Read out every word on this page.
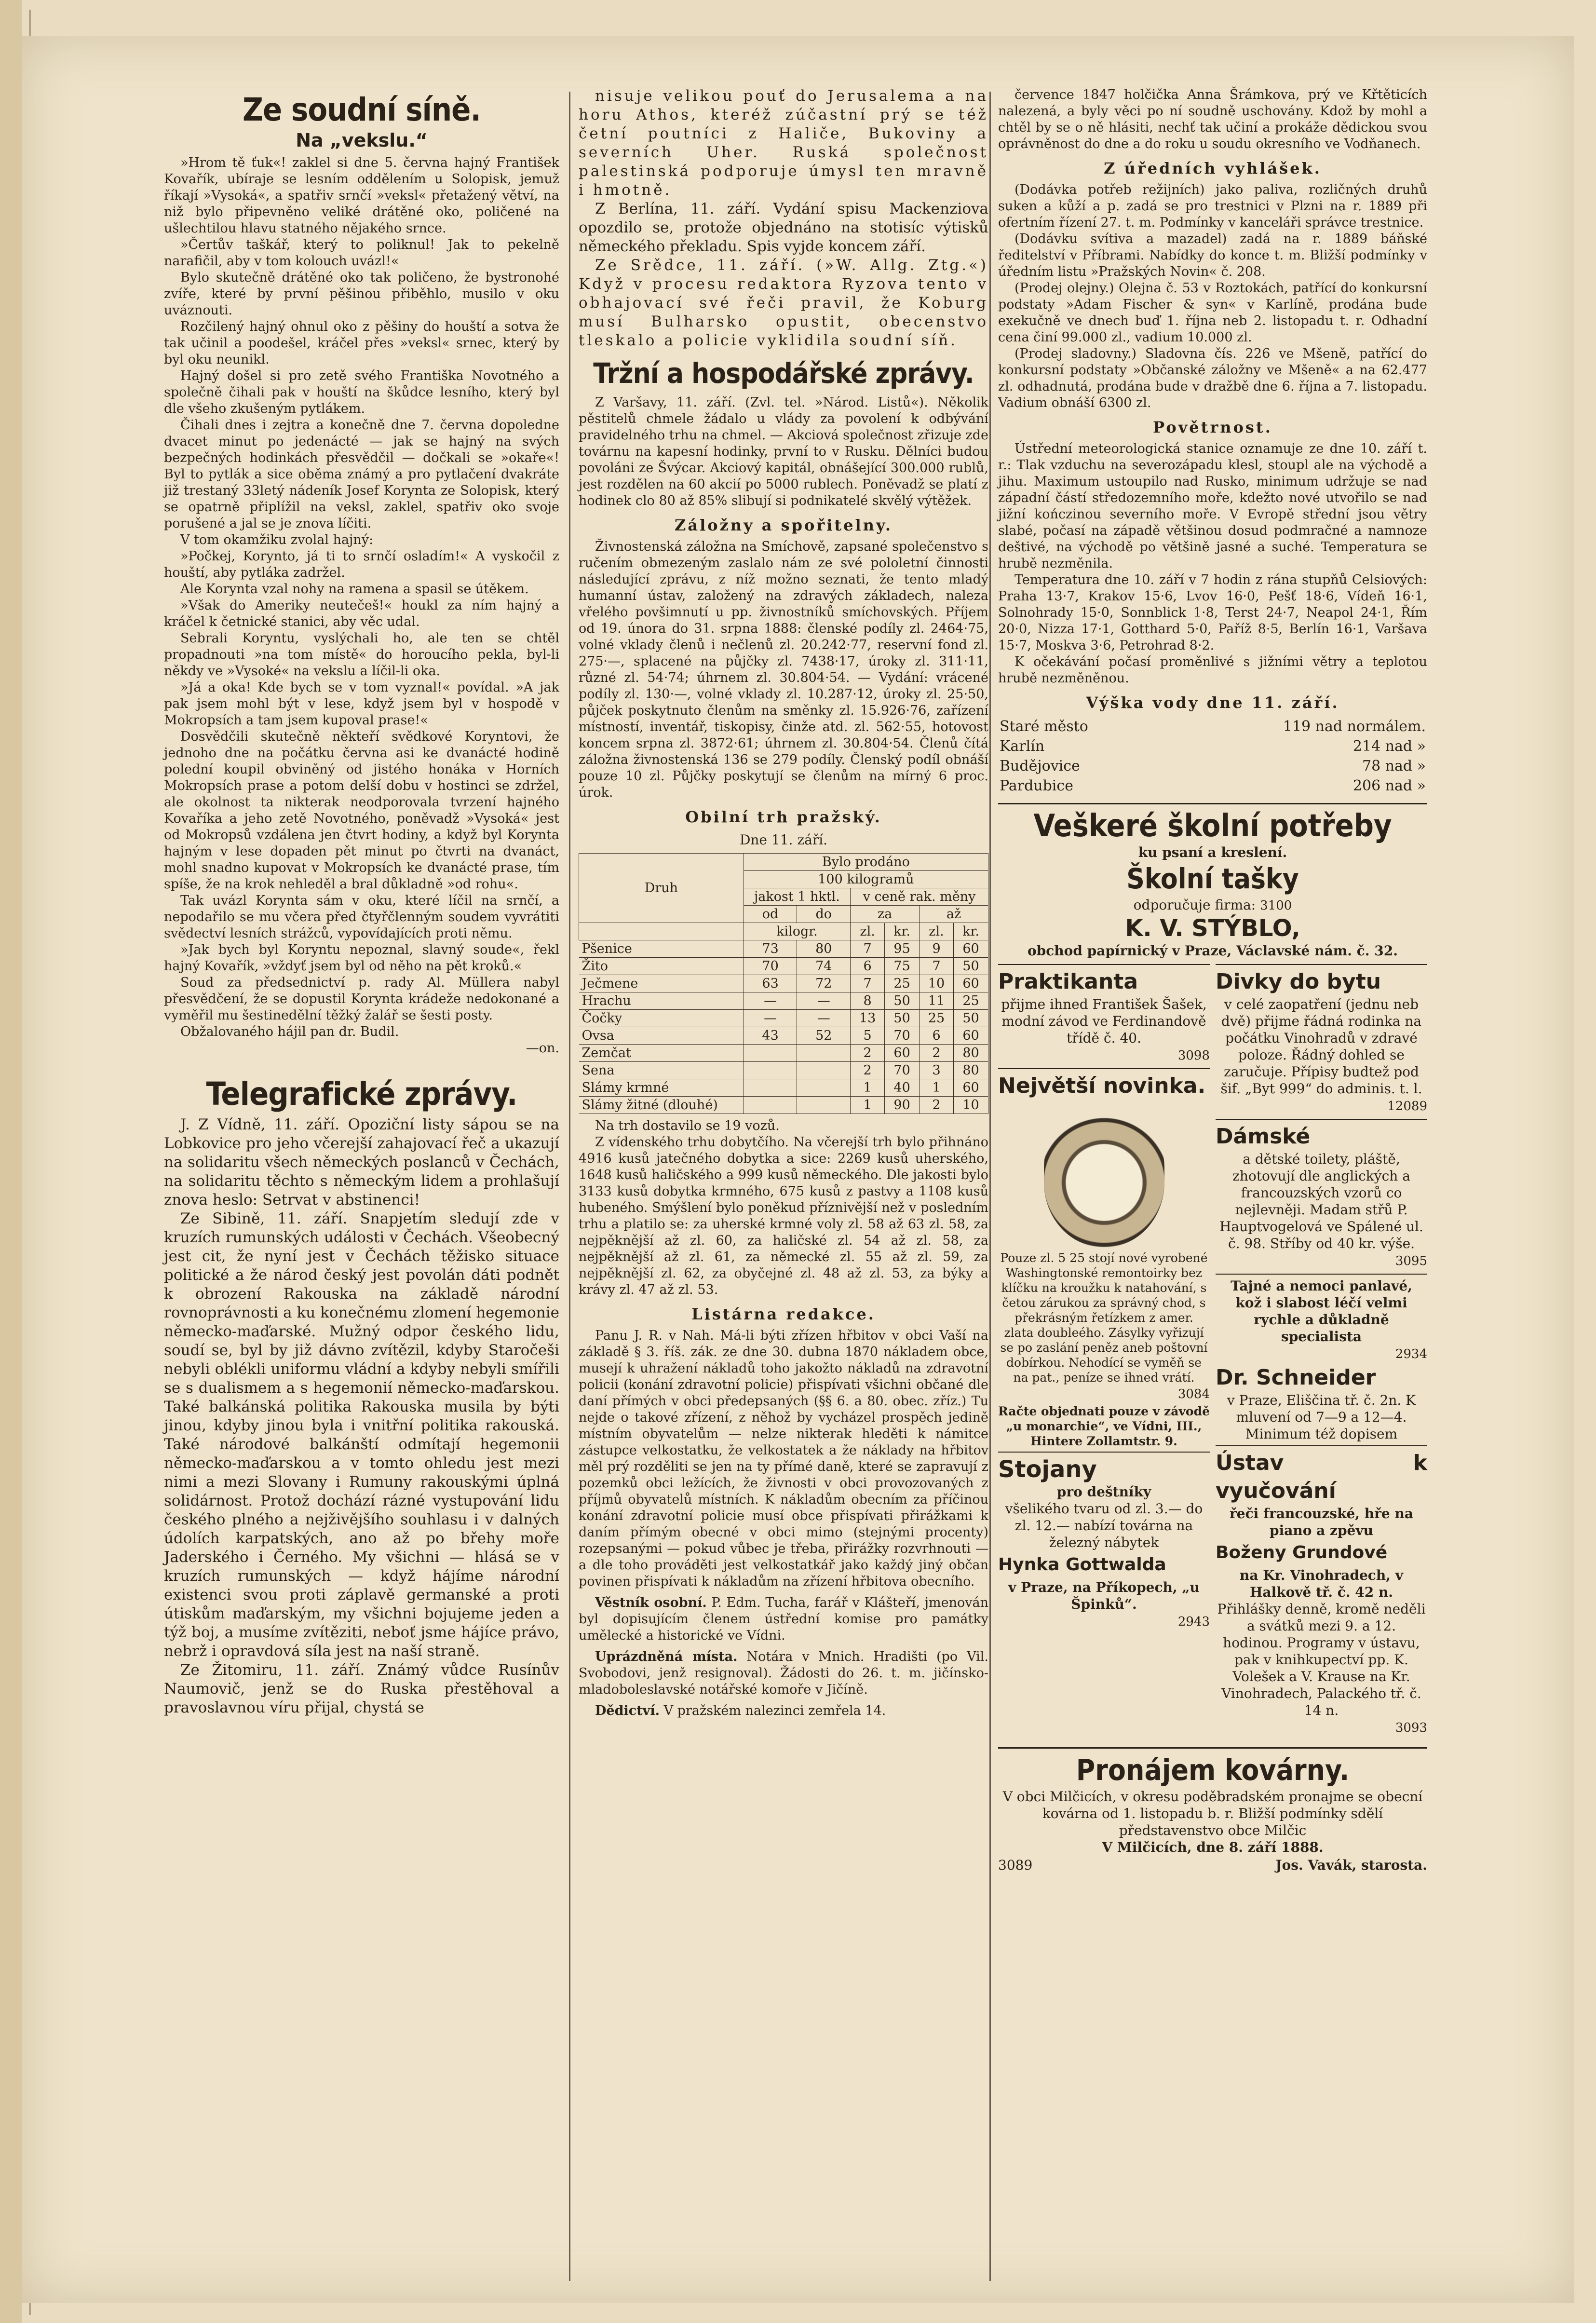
Ze soudní síně.
Na „vekslu.“

»Hrom tě ťuk«! zaklel si dne 5. června hajný František Kovařík, ubíraje se lesním oddělením u Solopisk, jemuž říkají »Vysoká«, a spatřiv srnčí »veksl« přetažený větví, na niž bylo připevněno veliké drátěné oko, poličené na ušlechtilou hlavu statného nějakého srnce.

»Čertův taškář, který to poliknul! Jak to pekelně narafičil, aby v tom kolouch uvázl!«

Bylo skutečně drátěné oko tak poličeno, že bystronohé zvíře, které by první pěšinou přiběhlo, musilo v oku uváznouti.

Rozčilený hajný ohnul oko z pěšiny do houští a sotva že tak učinil a poodešel, kráčel přes »veksl« srnec, který by byl oku neunikl.

Hajný došel si pro zetě svého Františka Novotného a společně čihali pak v houští na škůdce lesního, který byl dle všeho zkušeným pytlákem.

Čihali dnes i zejtra a konečně dne 7. června dopoledne dvacet minut po jedenácté — jak se hajný na svých bezpečných hodinkách přesvědčil — dočkali se »okaře«! Byl to pytlák a sice oběma známý a pro pytlačení dvakráte již trestaný 33letý nádeník Josef Korynta ze Solopisk, který se opatrně připlížil na veksl, zaklel, spatřiv oko svoje porušené a jal se je znova líčiti.

V tom okamžiku zvolal hajný:

»Počkej, Korynto, já ti to srnčí osladím!« A vyskočil z houští, aby pytláka zadržel.

Ale Korynta vzal nohy na ramena a spasil se útěkem.

»Však do Ameriky neutečeš!« houkl za ním hajný a kráčel k četnické stanici, aby věc udal.

Sebrali Koryntu, vyslýchali ho, ale ten se chtěl propadnouti »na tom místě« do horoucího pekla, byl-li někdy ve »Vysoké« na vekslu a líčil-li oka.

»Já a oka! Kde bych se v tom vyznal!« povídal. »A jak pak jsem mohl být v lese, když jsem byl v hospodě v Mokropsích a tam jsem kupoval prase!«

Dosvědčili skutečně někteří svědkové Koryntovi, že jednoho dne na počátku června asi ke dvanácté hodině polední koupil obviněný od jistého honáka v Horních Mokropsích prase a potom delší dobu v hostinci se zdržel, ale okolnost ta nikterak neodporovala tvrzení hajného Kovaříka a jeho zetě Novotného, poněvadž »Vysoká« jest od Mokropsů vzdálena jen čtvrt hodiny, a když byl Korynta hajným v lese dopaden pět minut po čtvrti na dvanáct, mohl snadno kupovat v Mokropsích ke dvanácté prase, tím spíše, že na krok nehleděl a bral důkladně »od rohu«.

Tak uvázl Korynta sám v oku, které líčil na srnčí, a nepodařilo se mu včera před čtyřčlenným soudem vyvrátiti svědectví lesních strážců, vypovídajících proti němu.

»Jak bych byl Koryntu nepoznal, slavný soude«, řekl hajný Kovařík, »vždyť jsem byl od něho na pět kroků.«

Soud za předsednictví p. rady Al. Müllera nabyl přesvědčení, že se dopustil Korynta krádeže nedokonané a vyměřil mu šestinedělní těžký žalář se šesti posty.

Obžalovaného hájil pan dr. Budil.

—on.

Telegrafické zprávy.

J. Z Vídně, 11. září. Opoziční listy sápou se na Lobkovice pro jeho včerejší zahajovací řeč a ukazují na solidaritu všech německých poslanců v Čechách, na solidaritu těchto s německým lidem a prohlašují znova heslo: Setrvat v abstinenci!

Ze Sibině, 11. září. Snapjetím sledují zde v kruzích rumunských události v Čechách. Všeobecný jest cit, že nyní jest v Čechách těžisko situace politické a že národ český jest povolán dáti podnět k obrození Rakouska na základě národní rovnoprávnosti a ku konečnému zlomení hegemonie německo-maďarské. Mužný odpor českého lidu, soudí se, byl by již dávno zvítězil, kdyby Staročeši nebyli oblékli uniformu vládní a kdyby nebyli smířili se s dualismem a s hegemonií německo-maďarskou. Také balkánská politika Rakouska musila by býti jinou, kdyby jinou byla i vnitřní politika rakouská. Také národové balkánští odmítají hegemonii německo-maďarskou a v tomto ohledu jest mezi nimi a mezi Slovany i Rumuny rakouskými úplná solidárnost. Protož dochází rázné vystupování lidu českého plného a nejživějšího souhlasu i v dalných údolích karpatských, ano až po břehy moře Jaderského i Černého. My všichni — hlásá se v kruzích rumunských — když hájíme národní existenci svou proti záplavě germanské a proti útiskům maďarským, my všichni bojujeme jeden a týž boj, a musíme zvítěziti, neboť jsme hájíce právo, nebrž i opravdová síla jest na naší straně.

Ze Žitomiru, 11. září. Známý vůdce Rusínův Naumovič, jenž se do Ruska přestěhoval a pravoslavnou víru přijal, chystá se

nisuje velikou pouť do Jerusalema a na horu Athos, kteréž zúčastní prý se též četní poutníci z Haliče, Bukoviny a severních Uher. Ruská společnost palestinská podporuje úmysl ten mravně i hmotně.

Z Berlína, 11. září. Vydání spisu Mackenziova opozdilo se, protože objednáno na stotisíc výtisků německého překladu. Spis vyjde koncem září.

Ze Srědce, 11. září. (»W. Allg. Ztg.«) Když v procesu redaktora Ryzova tento v obhajovací své řeči pravil, že Koburg musí Bulharsko opustit, obecenstvo tleskalo a policie vyklidila soudní síň.

Tržní a hospodářské zprávy.

Z Varšavy, 11. září. (Zvl. tel. »Národ. Listů«). Několik pěstitelů chmele žádalo u vlády za povolení k odbývání pravidelného trhu na chmel. — Akciová společnost zřizuje zde továrnu na kapesní hodinky, první to v Rusku. Dělníci budou povoláni ze Švýcar. Akciový kapitál, obnášející 300.000 rublů, jest rozdělen na 60 akcií po 5000 rublech. Poněvadž se platí z hodinek clo 80 až 85% slibují si podnikatelé skvělý výtěžek.

Záložny a spořitelny.

Živnostenská záložna na Smíchově, zapsané společenstvo s ručením obmezeným zaslalo nám ze své pololetní činnosti následující zprávu, z níž možno seznati, že tento mladý humanní ústav, založený na zdravých základech, naleza vřelého povšimnutí u pp. živnostníků smíchovských. Příjem od 19. února do 31. srpna 1888: členské podíly zl. 2464·75, volné vklady členů i nečlenů zl. 20.242·77, reservní fond zl. 275·—, splacené na půjčky zl. 7438·17, úroky zl. 311·11, různé zl. 54·74; úhrnem zl. 30.804·54. — Vydání: vrácené podíly zl. 130·—, volné vklady zl. 10.287·12, úroky zl. 25·50, půjček poskytnuto členům na směnky zl. 15.926·76, zařízení místností, inventář, tiskopisy, činže atd. zl. 562·55, hotovost koncem srpna zl. 3872·61; úhrnem zl. 30.804·54. Členů čítá záložna živnostenská 136 se 279 podíly. Členský podíl obnáší pouze 10 zl. Půjčky poskytují se členům na mírný 6 proc. úrok.

Obilní trh pražský.
Dne 11. září.
Druh	Bylo prodáno					
	100 kilogramů					
	jakost 1 hktl.		v ceně rak. měny			
	od	do	za		až	
	kilogr.		zl.	kr.	zl.	kr.
Pšenice	73	80	7	95	9	60
Žito	70	74	6	75	7	50
Ječmene	63	72	7	25	10	60
Hrachu	—	—	8	50	11	25
Čočky	—	—	13	50	25	50
Ovsa	43	52	5	70	6	60
Zemčat			2	60	2	80
Sena			2	70	3	80
Slámy krmné			1	40	1	60
Slámy žitné (dlouhé)			1	90	2	10

Na trh dostavilo se 19 vozů.

Z vídenského trhu dobytčího. Na včerejší trh bylo přihnáno 4916 kusů jatečného dobytka a sice: 2269 kusů uherského, 1648 kusů haličského a 999 kusů německého. Dle jakosti bylo 3133 kusů dobytka krmného, 675 kusů z pastvy a 1108 kusů hubeného. Smýšlení bylo poněkud příznivější než v posledním trhu a platilo se: za uherské krmné voly zl. 58 až 63 zl. 58, za nejpěknější až zl. 60, za haličské zl. 54 až zl. 58, za nejpěknější až zl. 61, za německé zl. 55 až zl. 59, za nejpěknější zl. 62, za obyčejné zl. 48 až zl. 53, za býky a krávy zl. 47 až zl. 53.

Listárna redakce.

Panu J. R. v Nah. Má-li býti zřízen hřbitov v obci Vaší na základě § 3. říš. zák. ze dne 30. dubna 1870 nákladem obce, musejí k uhražení nákladů toho jakožto nákladů na zdravotní policii (konání zdravotní policie) přispívati všichni občané dle daní přímých v obci předepsaných (§§ 6. a 80. obec. zříz.) Tu nejde o takové zřízení, z něhož by vycházel prospěch jedině místním obyvatelům — nelze nikterak hleděti k námitce zástupce velkostatku, že velkostatek a že náklady na hřbitov měl prý rozděliti se jen na ty přímé daně, které se zapravují z pozemků obci ležících, že živnosti v obci provozovaných z příjmů obyvatelů místních. K nákladům obecním za příčinou konání zdravotní policie musí obce přispívati přirážkami k daním přímým obecné v obci mimo (stejnými procenty) rozepsanými — pokud vůbec je třeba, přirážky rozvrhnouti — a dle toho prováděti jest velkostatkář jako každý jiný občan povinen přispívati k nákladům na zřízení hřbitova obecního.

Věstník osobní. P. Edm. Tucha, farář v Klášteří, jmenován byl dopisujícím členem ústřední komise pro památky umělecké a historické ve Vídni.

Uprázdněná místa. Notára v Mnich. Hradišti (po Vil. Svobodovi, jenž resignoval). Žádosti do 26. t. m. jičínsko-mladoboleslavské notářské komoře v Jičíně.

Dědictví. V pražském nalezinci zemřela 14.

července 1847 holčička Anna Šrámkova, prý ve Křtěticích nalezená, a byly věci po ní soudně uschovány. Kdož by mohl a chtěl by se o ně hlásiti, nechť tak učiní a prokáže dědickou svou oprávněnost do dne a do roku u soudu okresního ve Vodňanech.

Z úředních vyhlášek.

(Dodávka potřeb režijních) jako paliva, rozličných druhů suken a kůží a p. zadá se pro trestnici v Plzni na r. 1889 při ofertním řízení 27. t. m. Podmínky v kanceláři správce trestnice.

(Dodávku svítiva a mazadel) zadá na r. 1889 báňské ředitelství v Příbrami. Nabídky do konce t. m. Bližší podmínky v úředním listu »Pražských Novin« č. 208.

(Prodej olejny.) Olejna č. 53 v Roztokách, patřící do konkursní podstaty »Adam Fischer & syn« v Karlíně, prodána bude exekučně ve dnech buď 1. října neb 2. listopadu t. r. Odhadní cena činí 99.000 zl., vadium 10.000 zl.

(Prodej sladovny.) Sladovna čís. 226 ve Mšeně, patřící do konkursní podstaty »Občanské záložny ve Mšeně« a na 62.477 zl. odhadnutá, prodána bude v dražbě dne 6. října a 7. listopadu. Vadium obnáší 6300 zl.

Povětrnost.

Ústřední meteorologická stanice oznamuje ze dne 10. září t. r.: Tlak vzduchu na severozápadu klesl, stoupl ale na východě a jihu. Maximum ustoupilo nad Rusko, minimum udržuje se nad západní částí středozemního moře, kdežto nové utvořilo se nad jižní kończinou severního moře. V Evropě střední jsou větry slabé, počasí na západě většinou dosud podmračné a namnoze deštivé, na východě po většině jasné a suché. Temperatura se hrubě nezměnila.

Temperatura dne 10. září v 7 hodin z rána stupňů Celsiových: Praha 13·7, Krakov 15·6, Lvov 16·0, Pešť 18·6, Vídeň 16·1, Solnohrady 15·0, Sonnblick 1·8, Terst 24·7, Neapol 24·1, Řím 20·0, Nizza 17·1, Gotthard 5·0, Paříž 8·5, Berlín 16·1, Varšava 15·7, Moskva 3·6, Petrohrad 8·2.

K očekávání počasí proměnlivé s jižními větry a teplotou hrubě nezměněnou.

Výška vody dne 11. září.
Staré město	119 nad normálem.
Karlín	214 nad »
Budějovice	78 nad »
Pardubice	206 nad »
Veškeré školní potřeby
ku psaní a kreslení.
Školní tašky
odporučuje firma: 3100
K. V. STÝBLO,
obchod papírnický v Praze, Václavské nám. č. 32.
Praktikanta
přijme ihned František Šašek, modní závod ve Ferdinandově třídě č. 40.
3098
Největší novinka.
Pouze zl. 5 25 stojí nové vyrobené Washingtonské remontoirky bez klíčku na kroužku k natahování, s četou zárukou za správný chod, s překrásným řetízkem z amer. zlata doubleého. Zásylky vyřizují se po zaslání peněz aneb poštovní dobírkou. Nehodící se vyměň se na pat., peníze se ihned vrátí.
3084
Račte objednati pouze v závodě „u monarchie“, ve Vídni, III., Hintere Zollamtstr. 9.
Stojany
pro deštníky
všelikého tvaru od zl. 3.— do zl. 12.— nabízí továrna na železný nábytek
Hynka Gottwalda
v Praze, na Příkopech, „u Špinků“.
2943
Divky do bytu
v celé zaopatření (jednu neb dvě) přijme řádná rodinka na počátku Vinohradů v zdravé poloze. Řádný dohled se zaručuje. Přípisy budtež pod šif. „Byt 999“ do adminis. t. l.
12089
Dámské
a dětské toilety, pláště, zhotovují dle anglických a francouzských vzorů co nejlevněji. Madam střů P. Hauptvogelová ve Spálené ul. č. 98. Stříby od 40 kr. výše.
3095
Tajné a nemoci panlavé, kož i slabost léčí velmi rychle a důkladně specialista
2934
Dr. Schneider
v Praze, Eliščina tř. č. 2n. K mluvení od 7—9 a 12—4. Minimum též dopisem
Ústav k vyučování
řeči francouzské, hře na piano a zpěvu
Boženy Grundové
na Kr. Vinohradech, v Halkově tř. č. 42 n.
Přihlášky denně, kromě neděli a svátků mezi 9. a 12. hodinou. Programy v ústavu, pak v knihkupectví pp. K. Volešek a V. Krause na Kr. Vinohradech, Palackého tř. č. 14 n.
3093
Pronájem kovárny.
V obci Milčicích, v okresu poděbradském pronajme se obecní kovárna od 1. listopadu b. r. Bližší podmínky sdělí představenstvo obce Milčic
V Milčicích, dne 8. září 1888.
3089	Jos. Vavák, starosta.
